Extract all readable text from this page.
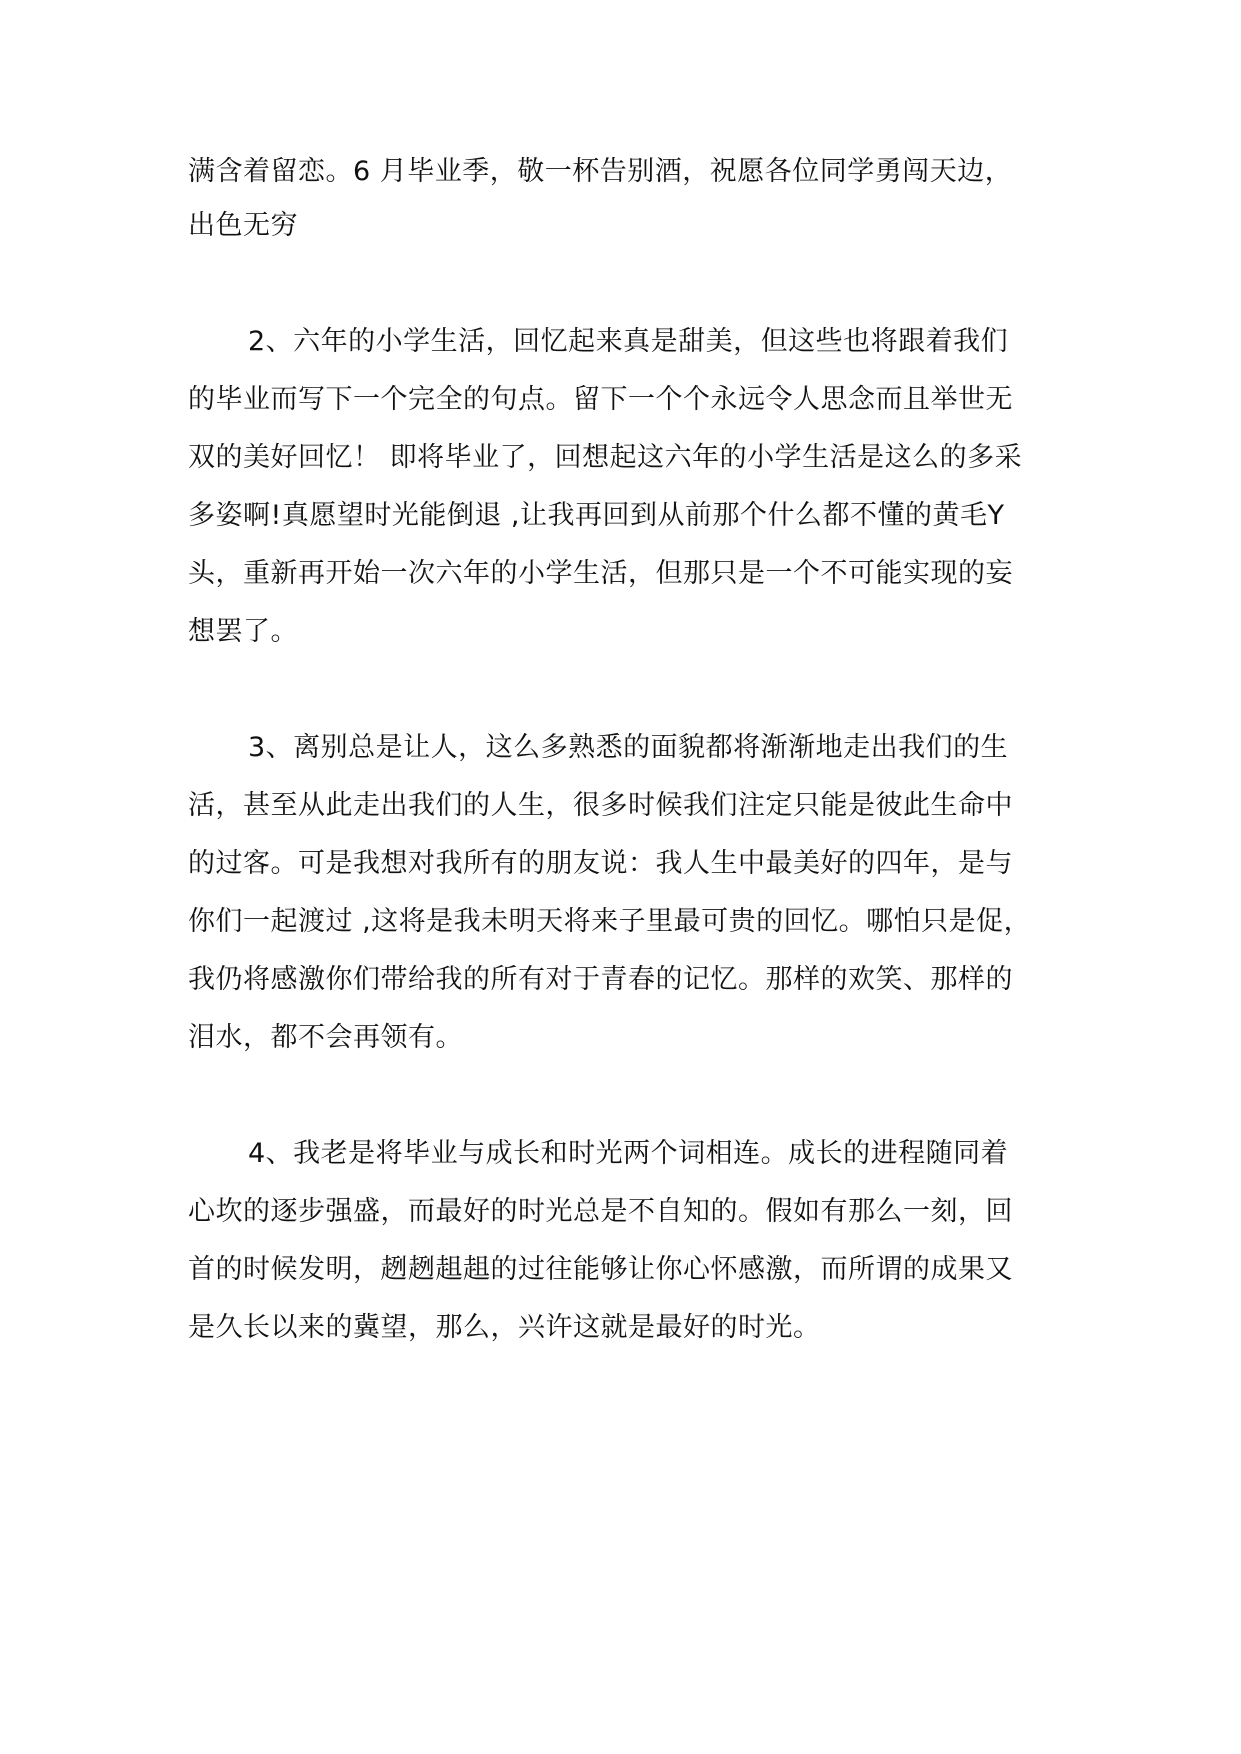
满含着留恋。6 月毕业季，敬一杯告别酒，祝愿各位同学勇闯天边，
出色无穷
2、六年的小学生活，回忆起来真是甜美，但这些也将跟着我们
的毕业而写下一个完全的句点。留下一个个永远令人思念而且举世无
双的美好回忆！ 即将毕业了，回想起这六年的小学生活是这么的多采
多姿啊!真愿望时光能倒退 ,让我再回到从前那个什么都不懂的黄毛Y
头，重新再开始一次六年的小学生活，但那只是一个不可能实现的妄
想罢了。
3、离别总是让人，这么多熟悉的面貌都将渐渐地走出我们的生
活，甚至从此走出我们的人生，很多时候我们注定只能是彼此生命中
的过客。可是我想对我所有的朋友说：我人生中最美好的四年，是与
你们一起渡过 ,这将是我未明天将来子里最可贵的回忆。哪怕只是促，
我仍将感激你们带给我的所有对于青春的记忆。那样的欢笑、那样的
泪水，都不会再领有。
4、我老是将毕业与成长和时光两个词相连。成长的进程随同着
心坎的逐步强盛，而最好的时光总是不自知的。假如有那么一刻，回
首的时候发明，趔趔趄趄的过往能够让你心怀感激，而所谓的成果又
是久长以来的冀望，那么，兴许这就是最好的时光。
